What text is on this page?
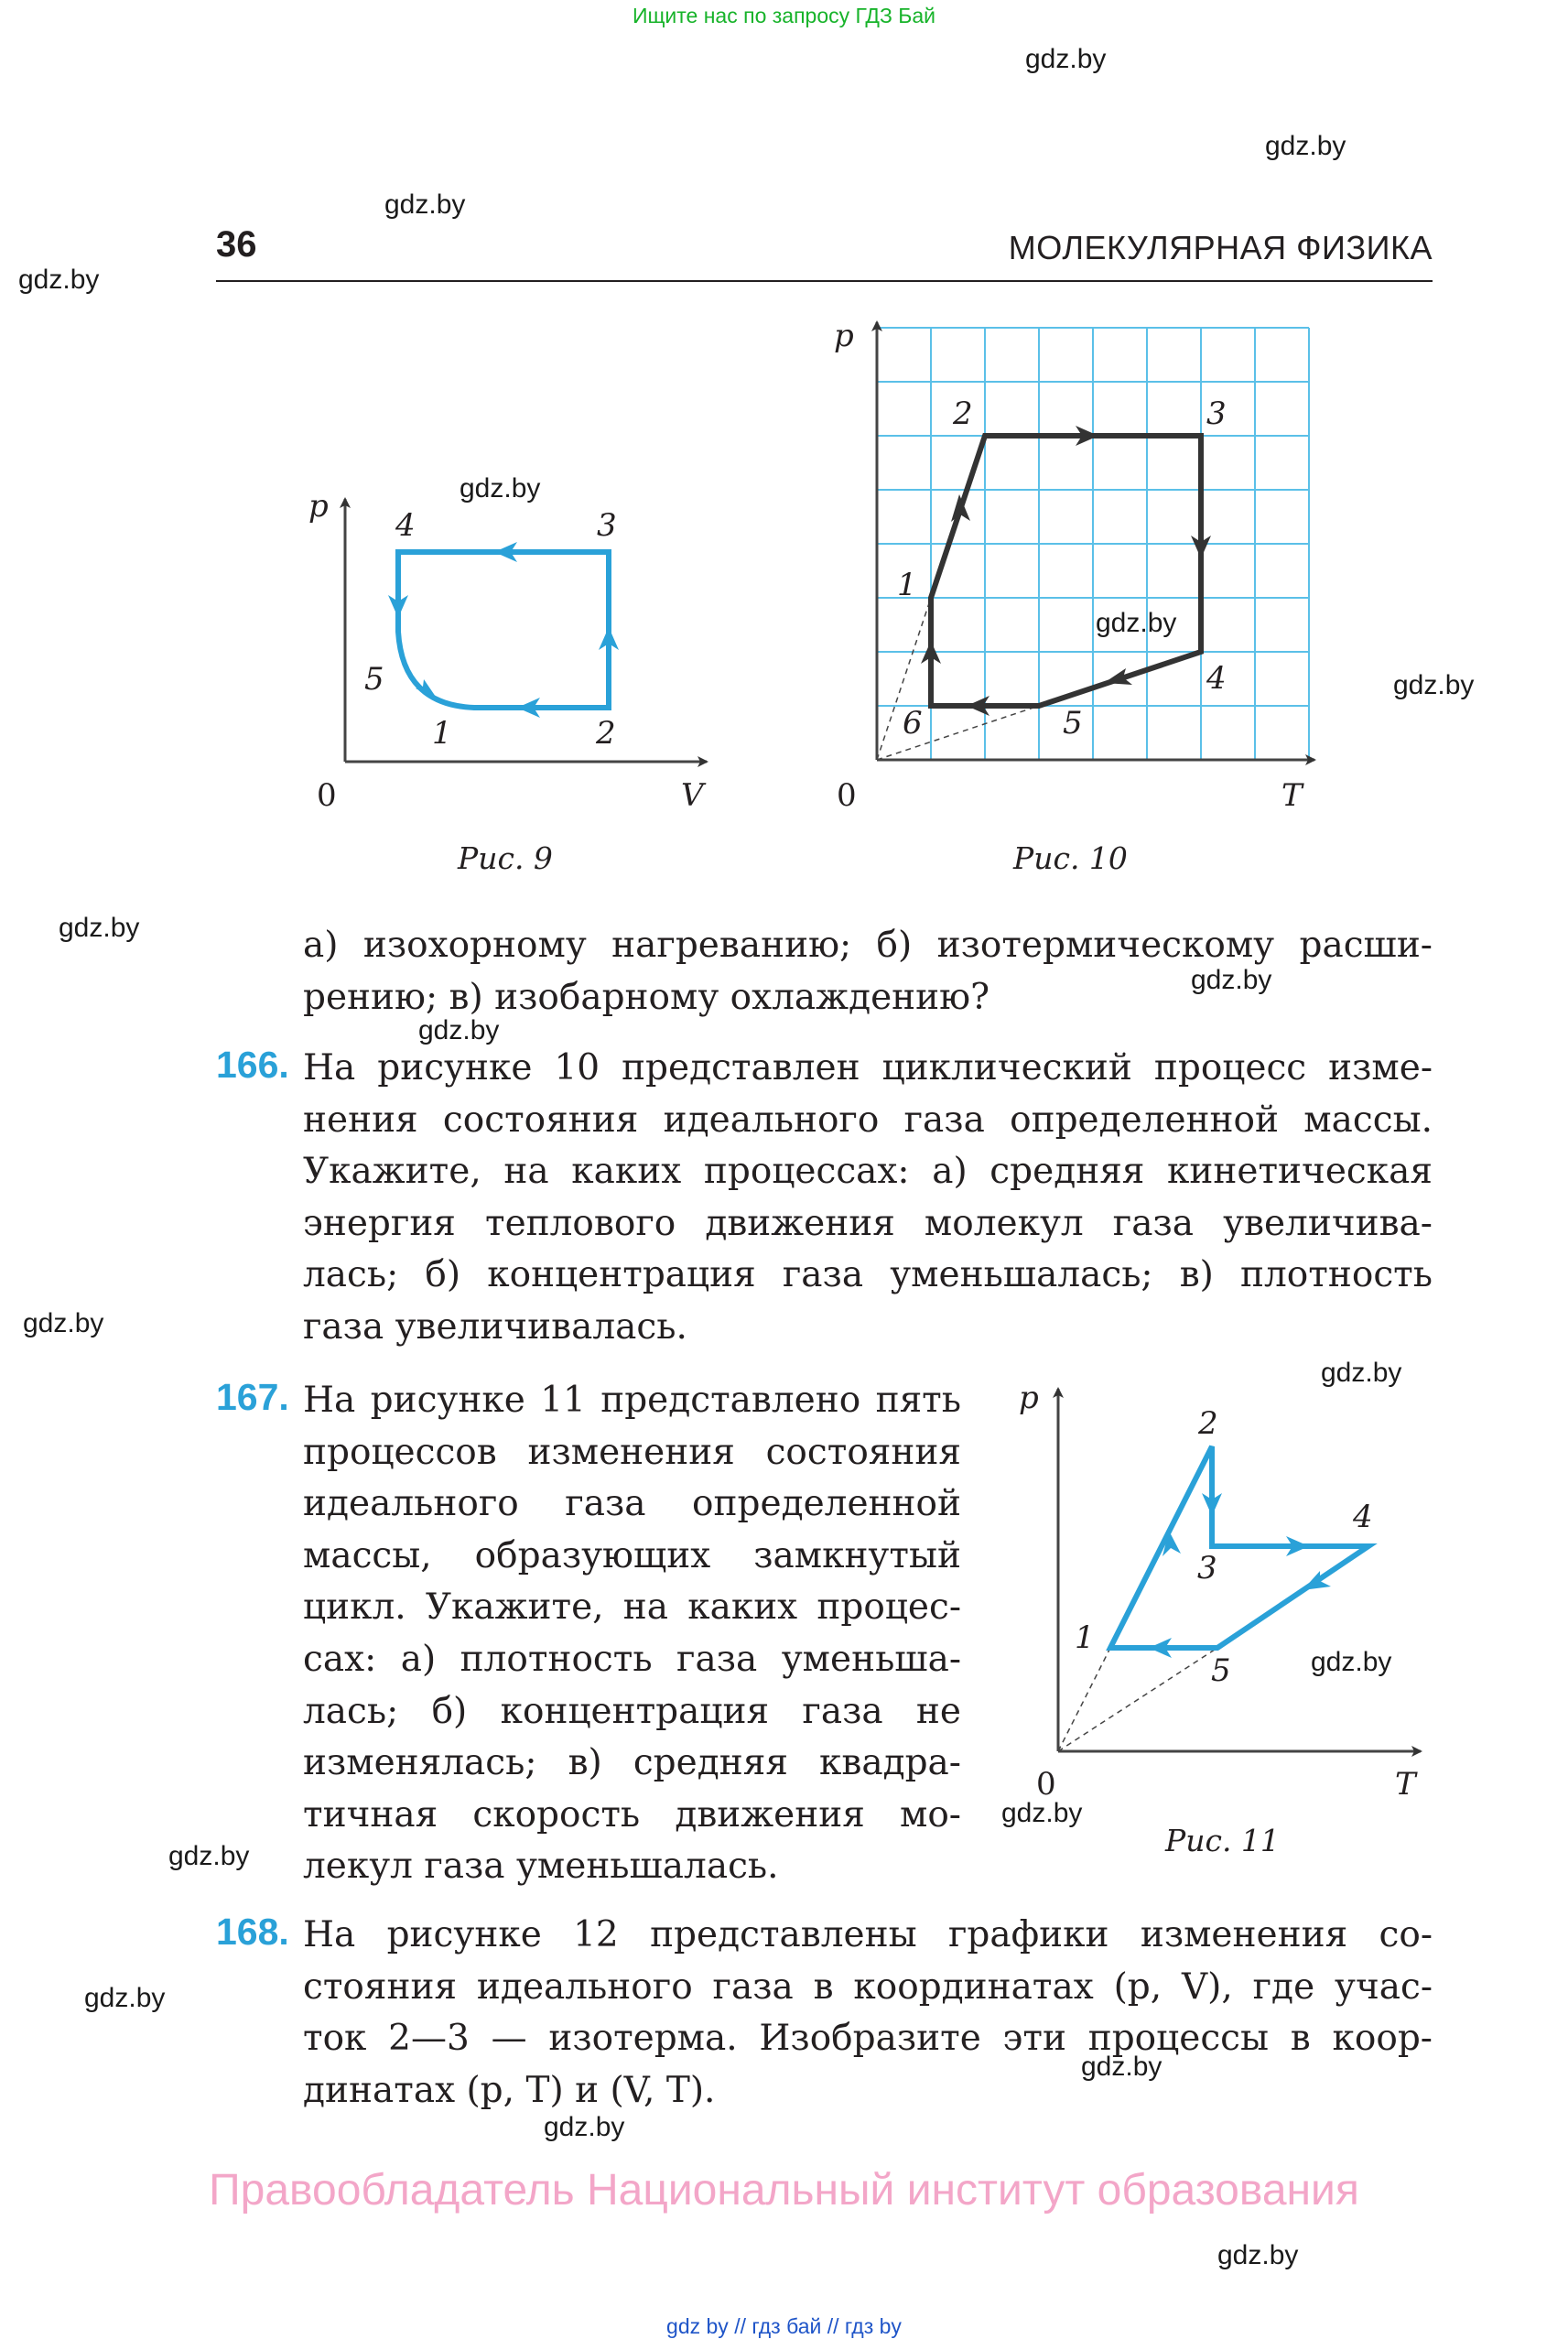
Ищите нас по запросу ГДЗ Бай
gdz.by
gdz.by
gdz.by
gdz.by
gdz.by
gdz.by
gdz.by
gdz.by
gdz.by
gdz.by
gdz.by
gdz.by
gdz.by
gdz.by
gdz.by
gdz.by
gdz.by
gdz.by
gdz.by
36	МОЛЕКУЛЯРНАЯ ФИЗИКА
p
V
0
1	2
3
4
5
Рис. 9
p
T
0
1
2	3
4
5
6
Рис. 10
а) изохорному нагреванию; б) изотермическому расши-
рению; в) изобарному охлаждению?
166. На рисунке 10 представлен циклический процесс изме-
нения состояния идеального газа определенной массы.
Укажите, на каких процессах: а) средняя кинетическая
энергия теплового движения молекул газа увеличива-
лась; б) концентрация газа уменьшалась; в) плотность
газа увеличивалась.
167. На рисунке 11 представлено пять
процессов изменения состояния
идеального газа определенной
массы, образующих замкнутый
цикл. Укажите, на каких процес-
сах: а) плотность газа уменьша-
лась; б) концентрация газа не
изменялась; в) средняя квадра-
тичная скорость движения мо-
лекул газа уменьшалась.
p
T
0
1
2
3
4
5
Рис. 11
168. На рисунке 12 представлены графики изменения со-
стояния идеального газа в координатах (p, V), где учас-
ток 2—3 — изотерма. Изобразите эти процессы в коор-
динатах (p, T) и (V, T).
Правообладатель Национальный институт образования
gdz by // гдз бай // гдз by
